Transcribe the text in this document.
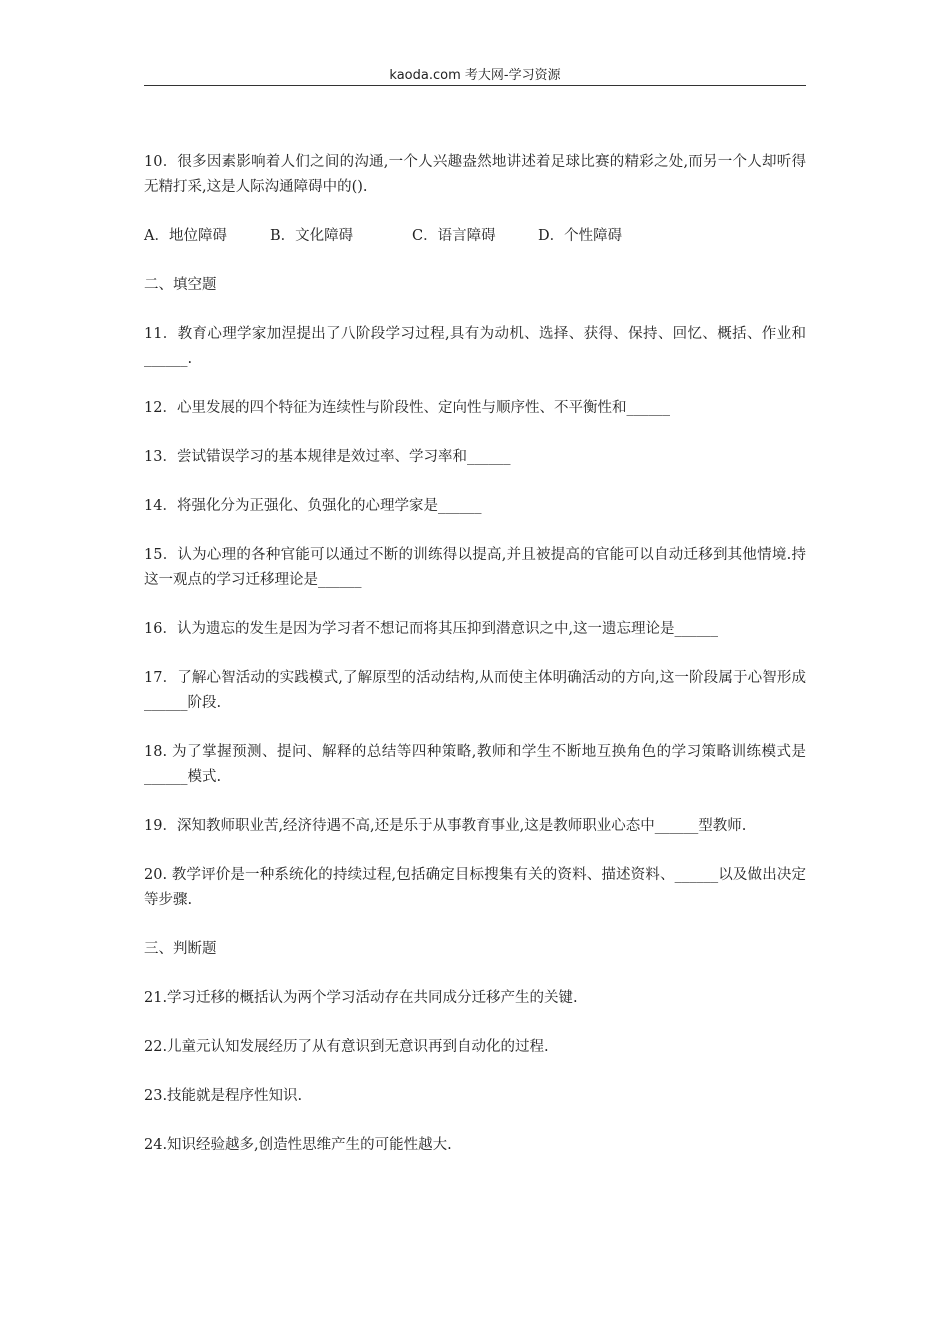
kaoda.com 考大网-学习资源

10．很多因素影响着人们之间的沟通,一个人兴趣盎然地讲述着足球比赛的精彩之处,而另一个人却听得无精打采,这是人际沟通障碍中的().

A．地位障碍	B．文化障碍	C．语言障碍	D．个性障碍

二、填空题

11．教育心理学家加涅提出了八阶段学习过程,具有为动机、选择、获得、保持、回忆、概括、作业和______.

12．心里发展的四个特征为连续性与阶段性、定向性与顺序性、不平衡性和______

13．尝试错误学习的基本规律是效过率、学习率和______

14．将强化分为正强化、负强化的心理学家是______

15．认为心理的各种官能可以通过不断的训练得以提高,并且被提高的官能可以自动迁移到其他情境.持这一观点的学习迁移理论是______

16．认为遗忘的发生是因为学习者不想记而将其压抑到潜意识之中,这一遗忘理论是______

17．了解心智活动的实践模式,了解原型的活动结构,从而使主体明确活动的方向,这一阶段属于心智形成______阶段.

18. 为了掌握预测、提问、解释的总结等四种策略,教师和学生不断地互换角色的学习策略训练模式是______模式.

19．深知教师职业苦,经济待遇不高,还是乐于从事教育事业,这是教师职业心态中______型教师.

20. 教学评价是一种系统化的持续过程,包括确定目标搜集有关的资料、描述资料、______以及做出决定等步骤.

三、判断题

21.学习迁移的概括认为两个学习活动存在共同成分迁移产生的关键.

22.儿童元认知发展经历了从有意识到无意识再到自动化的过程.

23.技能就是程序性知识.

24.知识经验越多,创造性思维产生的可能性越大.
